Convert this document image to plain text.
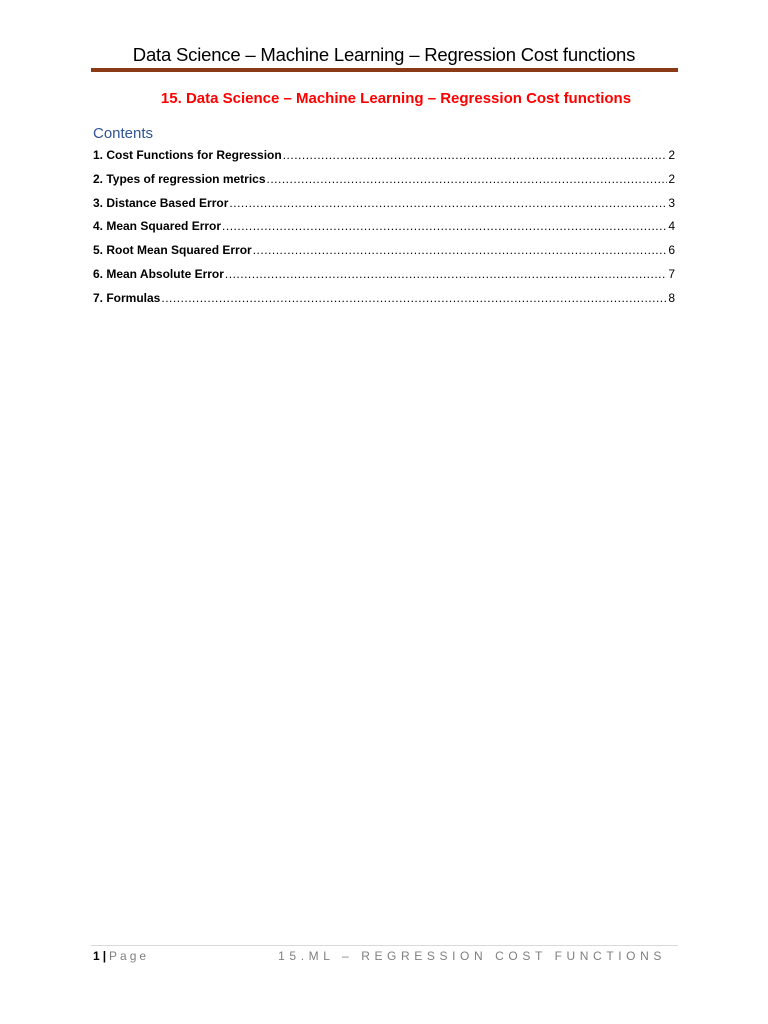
Data Science – Machine Learning – Regression Cost functions
15. Data Science – Machine Learning – Regression Cost functions
Contents
1. Cost Functions for Regression .....	2
2. Types of regression metrics .....	2
3. Distance Based Error .....	3
4. Mean Squared Error .....	4
5. Root Mean Squared Error .....	6
6. Mean Absolute Error .....	7
7. Formulas .....	8
1 | Page	15.ML – REGRESSION COST FUNCTIONS
